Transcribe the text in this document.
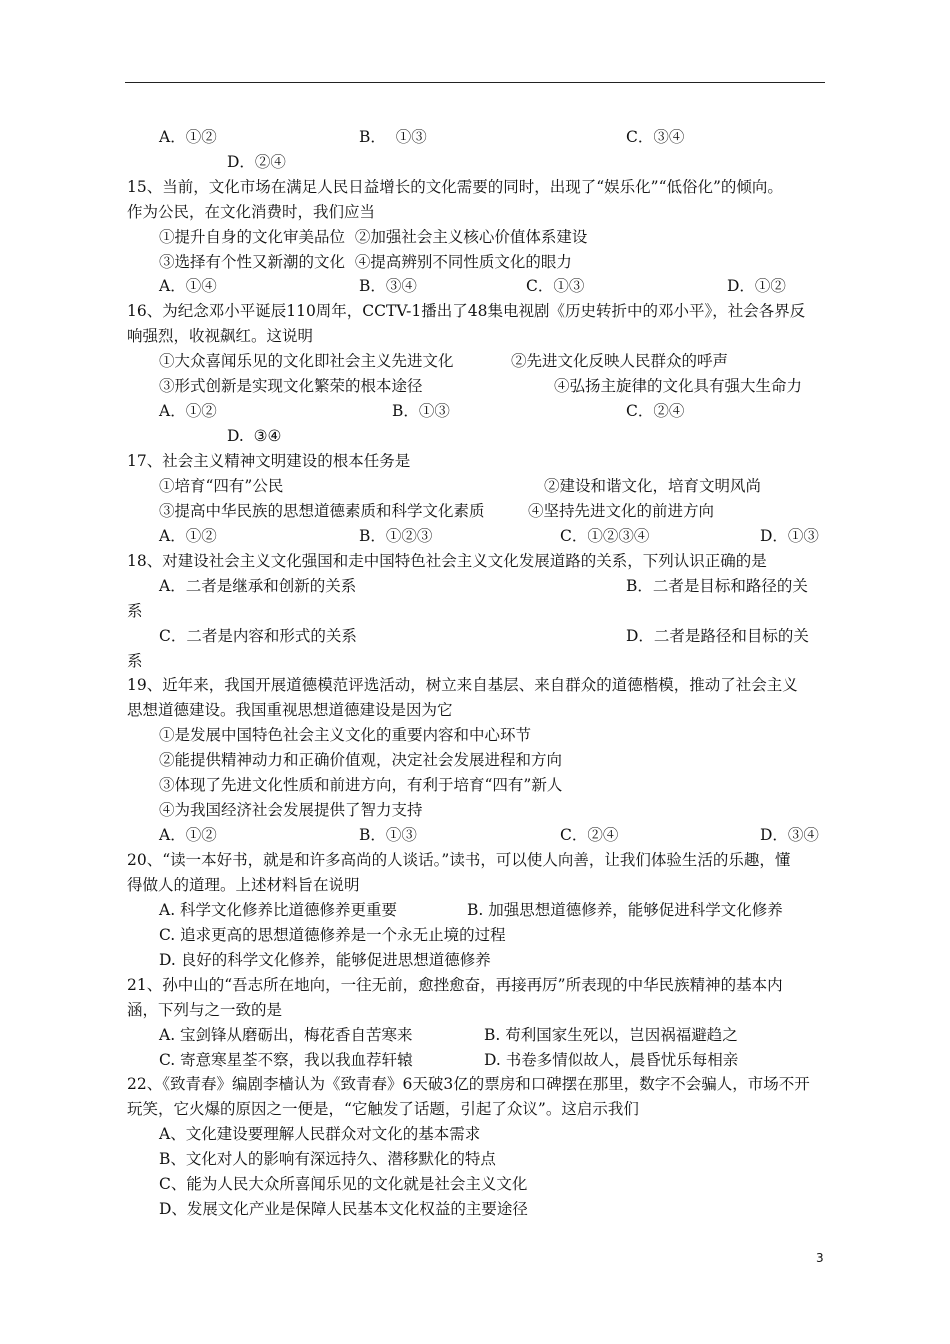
A．①②	B．  ①③	C．③④
D．②④
15、当前，文化市场在满足人民日益增长的文化需要的同时，出现了“娱乐化”“低俗化”的倾向。
作为公民，在文化消费时，我们应当
①提升自身的文化审美品位  ②加强社会主义核心价值体系建设
③选择有个性又新潮的文化  ④提高辨别不同性质文化的眼力
A．①④	B．③④	C．①③	D．①②
16、为纪念邓小平诞辰110周年，CCTV-1播出了48集电视剧《历史转折中的邓小平》，社会各界反
响强烈，收视飙红。这说明
①大众喜闻乐见的文化即社会主义先进文化	②先进文化反映人民群众的呼声
③形式创新是实现文化繁荣的根本途径	④弘扬主旋律的文化具有强大生命力
A．①②	B．①③	C．②④
D.  ③④
17、社会主义精神文明建设的根本任务是
①培育“四有”公民	②建设和谐文化，培育文明风尚
③提高中华民族的思想道德素质和科学文化素质	④坚持先进文化的前进方向
A．①②	B．①②③	C．①②③④	D．①③
18、对建设社会主义文化强国和走中国特色社会主义文化发展道路的关系，下列认识正确的是
A．二者是继承和创新的关系	B．二者是目标和路径的关
系
C．二者是内容和形式的关系	D．二者是路径和目标的关
系
19、近年来，我国开展道德模范评选活动，树立来自基层、来自群众的道德楷模，推动了社会主义
思想道德建设。我国重视思想道德建设是因为它
①是发展中国特色社会主义文化的重要内容和中心环节
②能提供精神动力和正确价值观，决定社会发展进程和方向
③体现了先进文化性质和前进方向，有利于培育“四有”新人
④为我国经济社会发展提供了智力支持
A．①②	B．①③	C．②④	D．③④
20、“读一本好书，就是和许多高尚的人谈话。”读书，可以使人向善，让我们体验生活的乐趣，懂
得做人的道理。上述材料旨在说明
A. 科学文化修养比道德修养更重要	B. 加强思想道德修养，能够促进科学文化修养
C. 追求更高的思想道德修养是一个永无止境的过程
D. 良好的科学文化修养，能够促进思想道德修养
21、孙中山的“吾志所在地向，一往无前，愈挫愈奋，再接再厉”所表现的中华民族精神的基本内
涵，下列与之一致的是
A. 宝剑锋从磨砺出，梅花香自苦寒来	B. 苟利国家生死以，岂因祸福避趋之
C. 寄意寒星荃不察，我以我血荐轩辕	D. 书卷多情似故人，晨昏忧乐每相亲
22、《致青春》编剧李樯认为《致青春》6天破3亿的票房和口碑摆在那里，数字不会骗人，市场不开
玩笑，它火爆的原因之一便是，“它触发了话题，引起了众议”。这启示我们
A、文化建设要理解人民群众对文化的基本需求
B、文化对人的影响有深远持久、潜移默化的特点
C、能为人民大众所喜闻乐见的文化就是社会主义文化
D、发展文化产业是保障人民基本文化权益的主要途径
3
